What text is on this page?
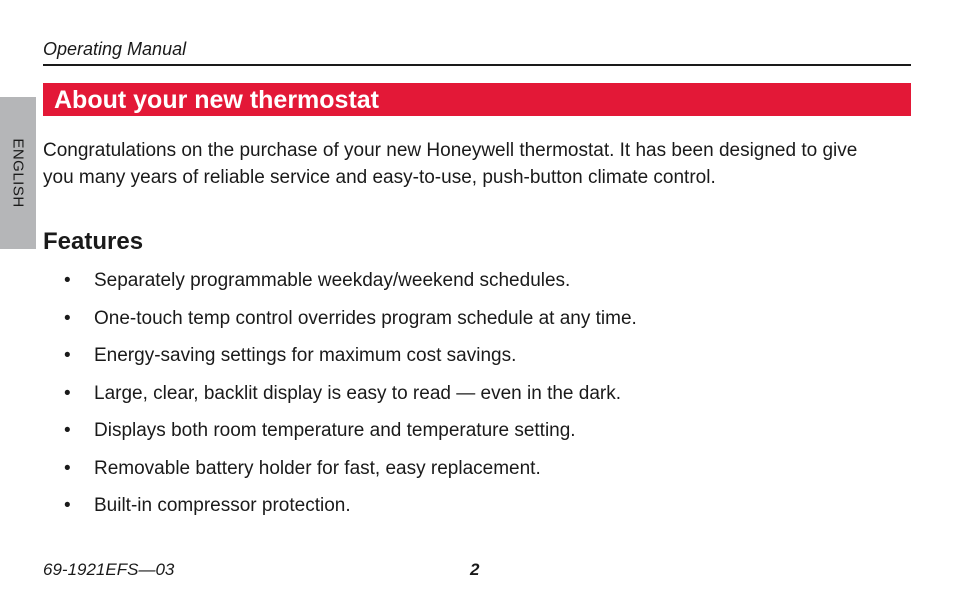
Operating Manual
ENGLISH
About your new thermostat

Congratulations on the purchase of your new Honeywell thermostat. It has been designed to give you many years of reliable service and easy-to-use, push-button climate control.

Features
• Separately programmable weekday/weekend schedules.
• One-touch temp control overrides program schedule at any time.
• Energy-saving settings for maximum cost savings.
• Large, clear, backlit display is easy to read — even in the dark.
• Displays both room temperature and temperature setting.
• Removable battery holder for fast, easy replacement.
• Built-in compressor protection.
69-1921EFS—03	2
